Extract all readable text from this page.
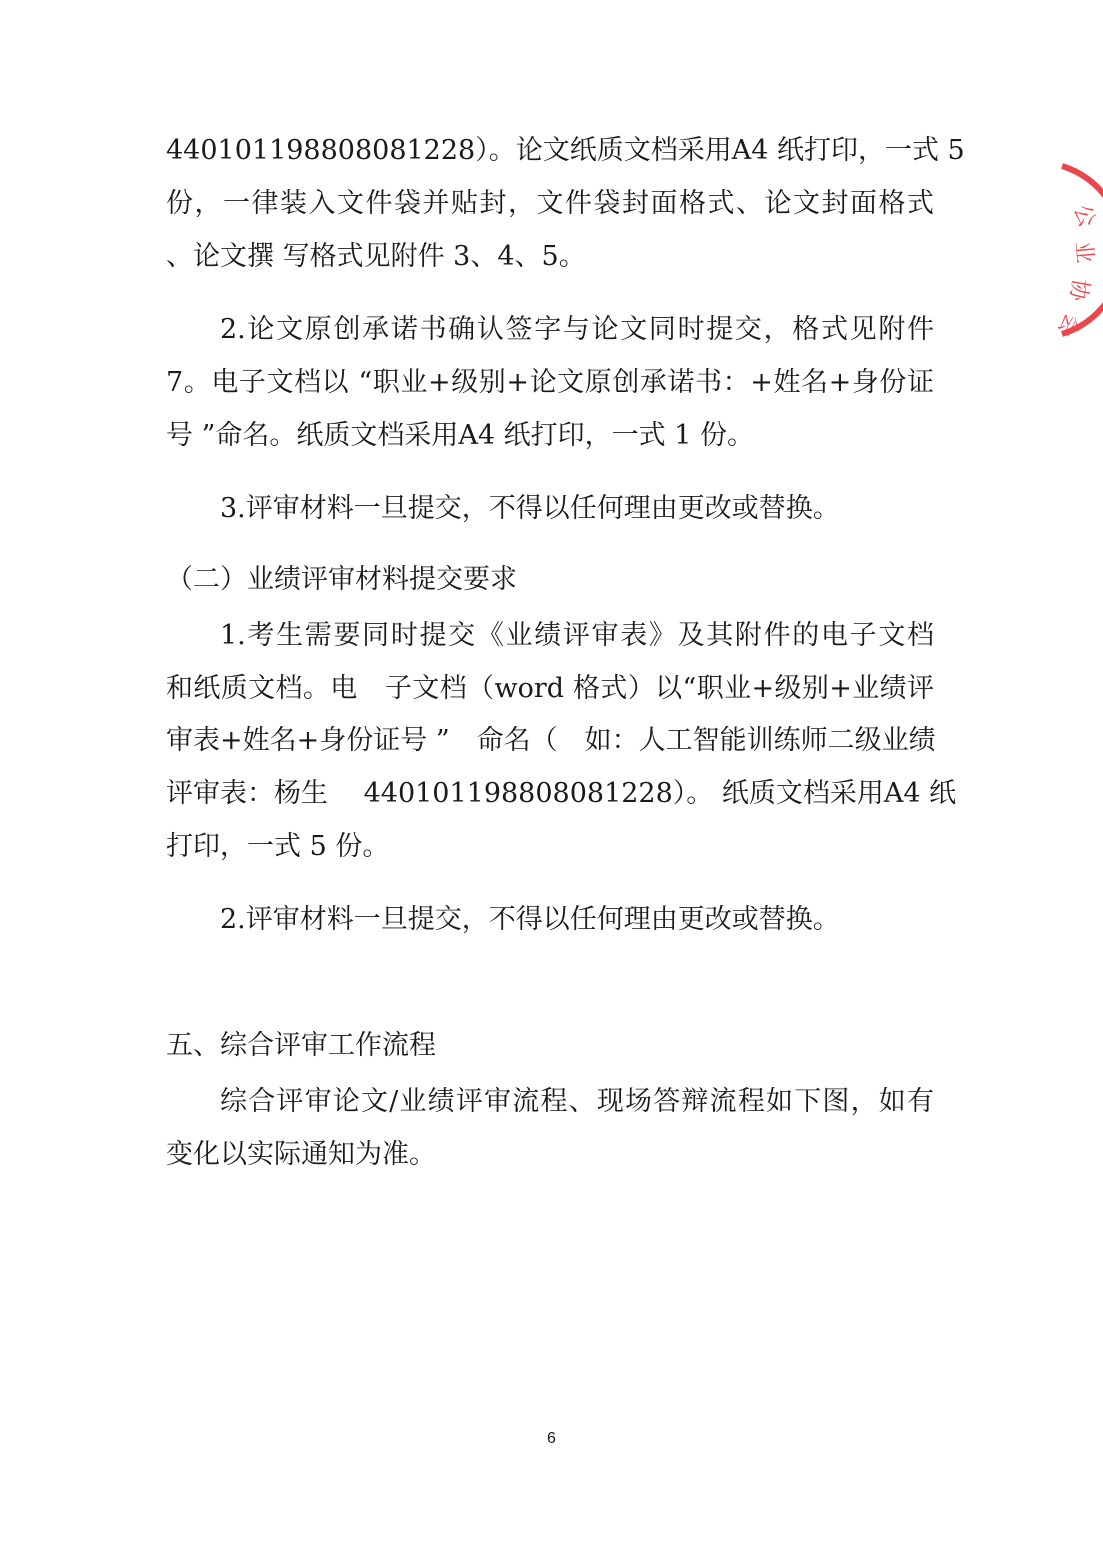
440101198808081228）。论文纸质文档采用A4 纸打印，一式 5

份，一律装入文件袋并贴封，文件袋封面格式、论文封面格式

、论文撰 写格式见附件 3、4、5。

2.论文原创承诺书确认签字与论文同时提交，格式见附件

7。电子文档以 “职业+级别+论文原创承诺书：+姓名+身份证

号 ”命名。纸质文档采用A4 纸打印，一式 1 份。

3.评审材料一旦提交，不得以任何理由更改或替换。

（二）业绩评审材料提交要求

1.考生需要同时提交《业绩评审表》及其附件的电子文档

和纸质文档。电　子文档（word 格式）以“职业+级别+业绩评

审表+姓名+身份证号 ”　命名（　如：人工智能训练师二级业绩

评审表：杨生　 440101198808081228）。 纸质文档采用A4 纸

打印，一式 5 份。

2.评审材料一旦提交，不得以任何理由更改或替换。

五、综合评审工作流程

综合评审论文/业绩评审流程、现场答辩流程如下图，如有

变化以实际通知为准。

6
公
业
协
会
